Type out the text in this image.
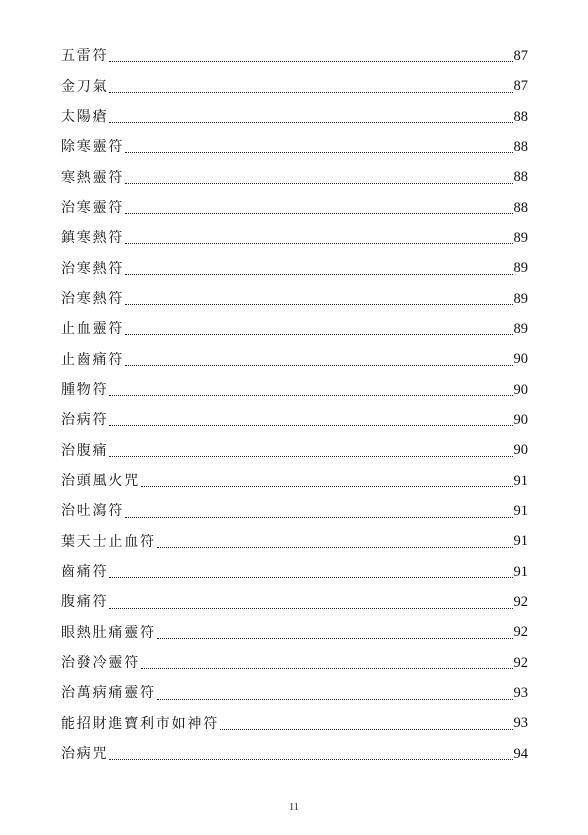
五雷符	87
金刀氣	87
太陽瘡	88
除寒靈符	88
寒熱靈符	88
治寒靈符	88
鎮寒熱符	89
治寒熱符	89
治寒熱符	89
止血靈符	89
止齒痛符	90
腫物符	90
治病符	90
治腹痛	90
治頭風火咒	91
治吐瀉符	91
葉天士止血符	91
齒痛符	91
腹痛符	92
眼熱肚痛靈符	92
治發冷靈符	92
治萬病痛靈符	93
能招財進寶利市如神符	93
治病咒	94
11
